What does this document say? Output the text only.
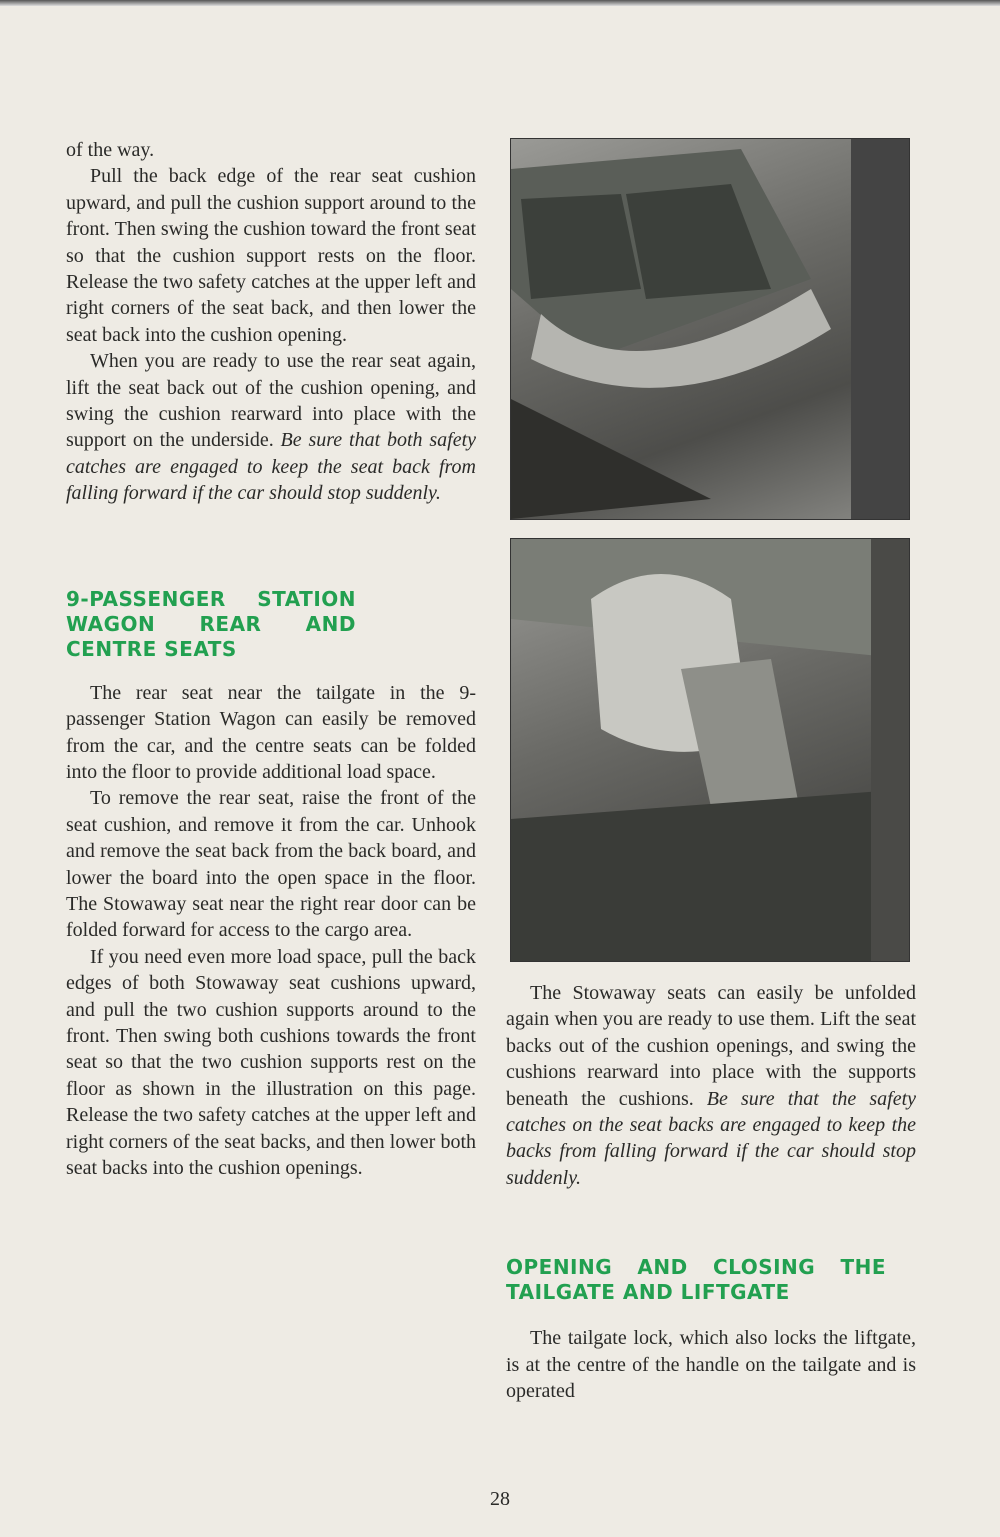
of the way.

Pull the back edge of the rear seat cushion upward, and pull the cushion support around to the front. Then swing the cushion toward the front seat so that the cushion support rests on the floor. Release the two safety catches at the upper left and right corners of the seat back, and then lower the seat back into the cushion opening.

When you are ready to use the rear seat again, lift the seat back out of the cushion opening, and swing the cushion rearward into place with the support on the underside. Be sure that both safety catches are engaged to keep the seat back from falling forward if the car should stop suddenly.

9-PASSENGER STATION WAGON REAR AND CENTRE SEATS

The rear seat near the tailgate in the 9-passenger Station Wagon can easily be removed from the car, and the centre seats can be folded into the floor to provide additional load space.

To remove the rear seat, raise the front of the seat cushion, and remove it from the car. Unhook and remove the seat back from the back board, and lower the board into the open space in the floor. The Stowaway seat near the right rear door can be folded forward for access to the cargo area.

If you need even more load space, pull the back edges of both Stowaway seat cushions upward, and pull the two cushion supports around to the front. Then swing both cushions towards the front seat so that the two cushion supports rest on the floor as shown in the illustration on this page. Release the two safety catches at the upper left and right corners of the seat backs, and then lower both seat backs into the cushion openings.

The Stowaway seats can easily be unfolded again when you are ready to use them. Lift the seat backs out of the cushion openings, and swing the cushions rearward into place with the supports beneath the cushions. Be sure that the safety catches on the seat backs are engaged to keep the backs from falling forward if the car should stop suddenly.

OPENING AND CLOSING THE TAILGATE AND LIFTGATE

The tailgate lock, which also locks the liftgate, is at the centre of the handle on the tailgate and is operated

28
